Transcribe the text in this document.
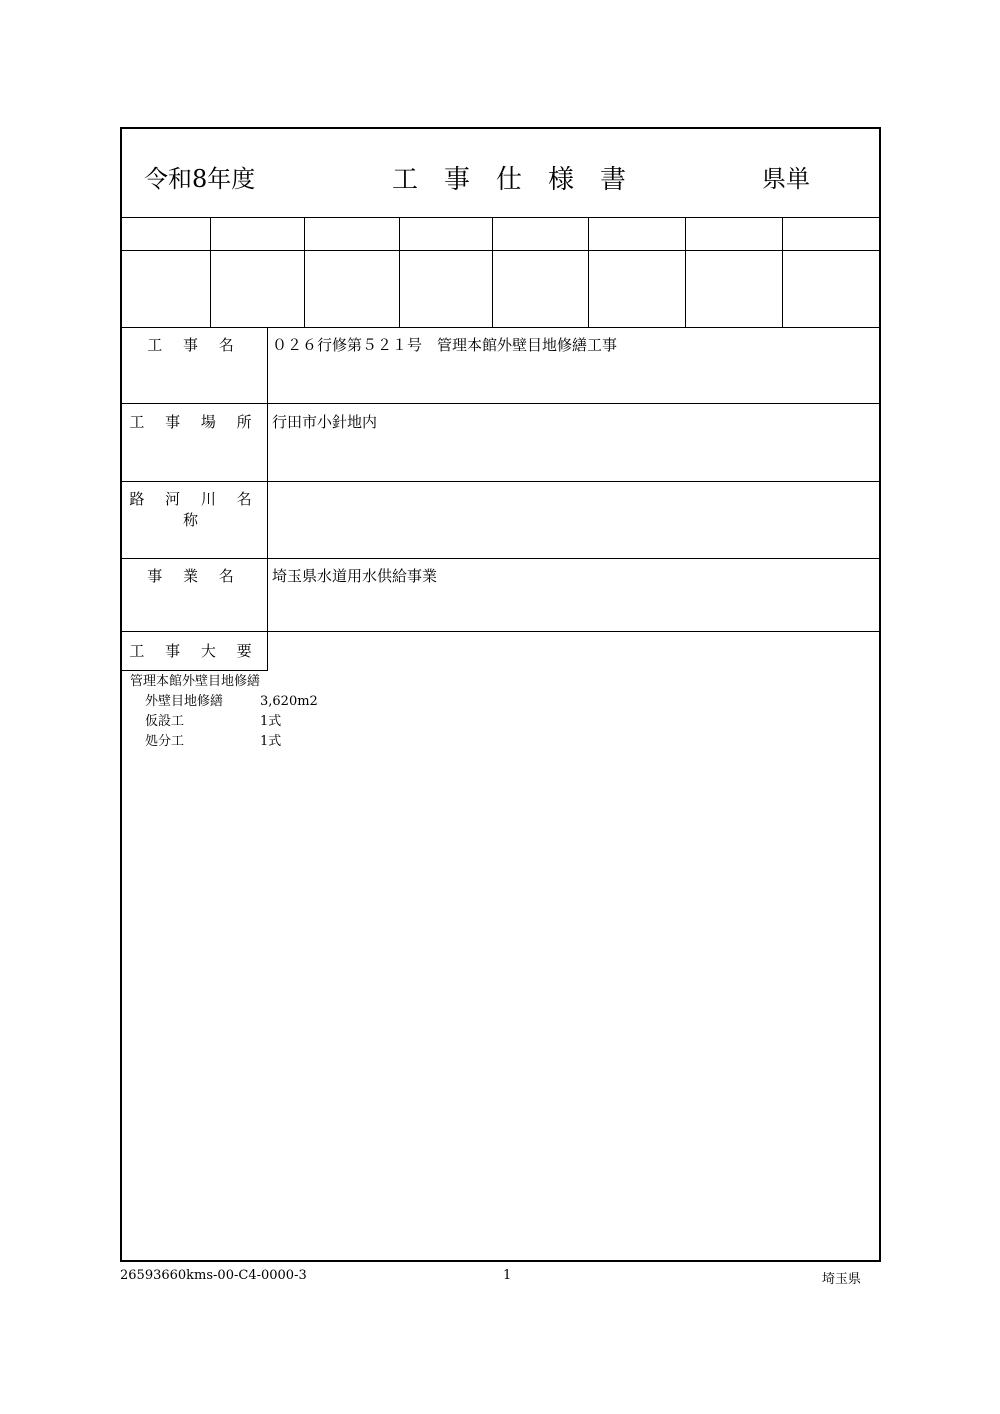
令和8年度	工事仕様書	県単
工 事 名	０２６行修第５２１号　管理本館外壁目地修繕工事
工 事 場 所 行田市小針地内
路 河 川 名 称
事 業 名	埼玉県水道用水供給事業
工 事 大 要
管理本館外壁目地修繕
外壁目地修繕	3,620m2
仮設工	1式
処分工	1式
26593660kms-00-C4-0000-3	1	埼玉県
